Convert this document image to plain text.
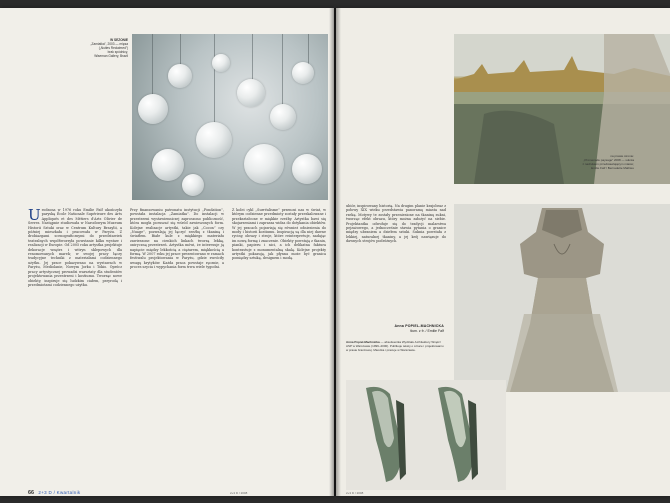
W SEZONIE
„Zamiatka”, 2003 — mięsa
(„Nuties Reclaimed”)
brak spódnicy,
Wiseman Gallery, Brazil
Urodzona w 1976 roku Emilie Faïf ukończyła paryską École Nationale Supérieure des Arts Appliqués et des Métiers d'Arts Olivier de Serres. Następnie studiowała w Narodowym Muzeum Historii Sztuki oraz w Centrum Kultury Brazylii, a później mieszkała i pracowała w Paryżu. Z drobiazgami scenograficznymi do przedstawień teatralnych współtworzyła powstanie kilku wystaw i realizacji w Europie. Od 2005 roku artystka projektuje dekoracje wnętrz i witryn sklepowych dla renomowanych marek; w swojej pracy łączy tradycyjne techniki z materiałami codziennego użytku. Jej prace pokazywano na wystawach w Paryżu, Mediolanie, Nowym Jorku i Tokio. Oprócz pracy artystycznej prowadzi warsztaty dla studentów projektowania przestrzeni i kostiumu. Tworząc nowe obiekty, inspiruje się ludzkim ciałem, przyrodą i przedmiotami codziennego użytku.
Przy finansowaniu patronatu instytucji „Fondation”, powstała instalacja „Zamiatka”. Do instalacji w przestrzeni wystawienniczej zaproszono publiczność, która mogła poruszać się wśród zawieszonych form. Kolejne realizacje artystki, takie jak „Cocon” czy „Nuage”, pozwalają jej łączyć rzeźbę z tkaniną i światłem. Białe kule z miękkiego materiału zawieszone na cienkich linkach tworzą lekką, oniryczną przestrzeń. Artystka mówi, że interesuje ją napięcie między lekkością a ciężarem, miękkością a formą. W 2007 roku jej prace prezentowano w ramach festiwalu projektowania w Paryżu, gdzie zwróciły uwagę krytyków. Każda praca powstaje ręcznie, a proces szycia i wypychania form trwa wiele tygodni.
Z kolei cykl „Surréalisme” przenosi nas w świat, w którym codzienne przedmioty zostały przeskalowane i przekształcone w miękkie rzeźby. Artystka bawi się skojarzeniami i zaprasza widza do dotykania obiektów. W jej pracach pojawiają się również odniesienia do mody i historii kostiumu. Inspiracją są dla niej dawne ryciny, obrazy i stroje, które reinterpretuje, nadając im nową formę i znaczenie. Obiekty powstają z tkanin, pianki, papieru i nici, a ich delikatna faktura kontrastuje z monumentalną skalą. Kolejne projekty artystki pokazują, jak płynna może być granica pomiędzy sztuką, designem i modą.
66 2+3 D / Kwartalnik	2+3 D / 2008
na prawie stronie:
„Promenade paysage” 2008 — suknia
z nadrukiem przedstawiającym miasto;
Emilie Faïf / Bernadette Mathieu
ubiór, inspirowany historią. Na drugim planie krajobraz z połowy XIX wieku przedstawia panoramę miasta nad rzeką. Motywy te zostały przeniesione na tkaninę sukni, tworząc efekt obrazu, który można założyć na siebie. Projektantka odwołuje się do tradycji malarstwa pejzażowego, a jednocześnie stawia pytania o granice między ubraniem a dziełem sztuki. Suknia powstała z lekkiej, naturalnej tkaniny, a jej krój nawiązuje do dawnych strojów podróżnych.
Anna POPIEL-MACHNICKA
tłum. z fr. / Emilie Faïf
Anna Popiel-Machnicka — absolwentka Wydziału Architektury Wnętrz ASP w Warszawie (1999–2000). Publikuje teksty o sztuce i projektowaniu w prasie branżowej. Mieszka i pracuje w Warszawie.
2+3 D / 2008
